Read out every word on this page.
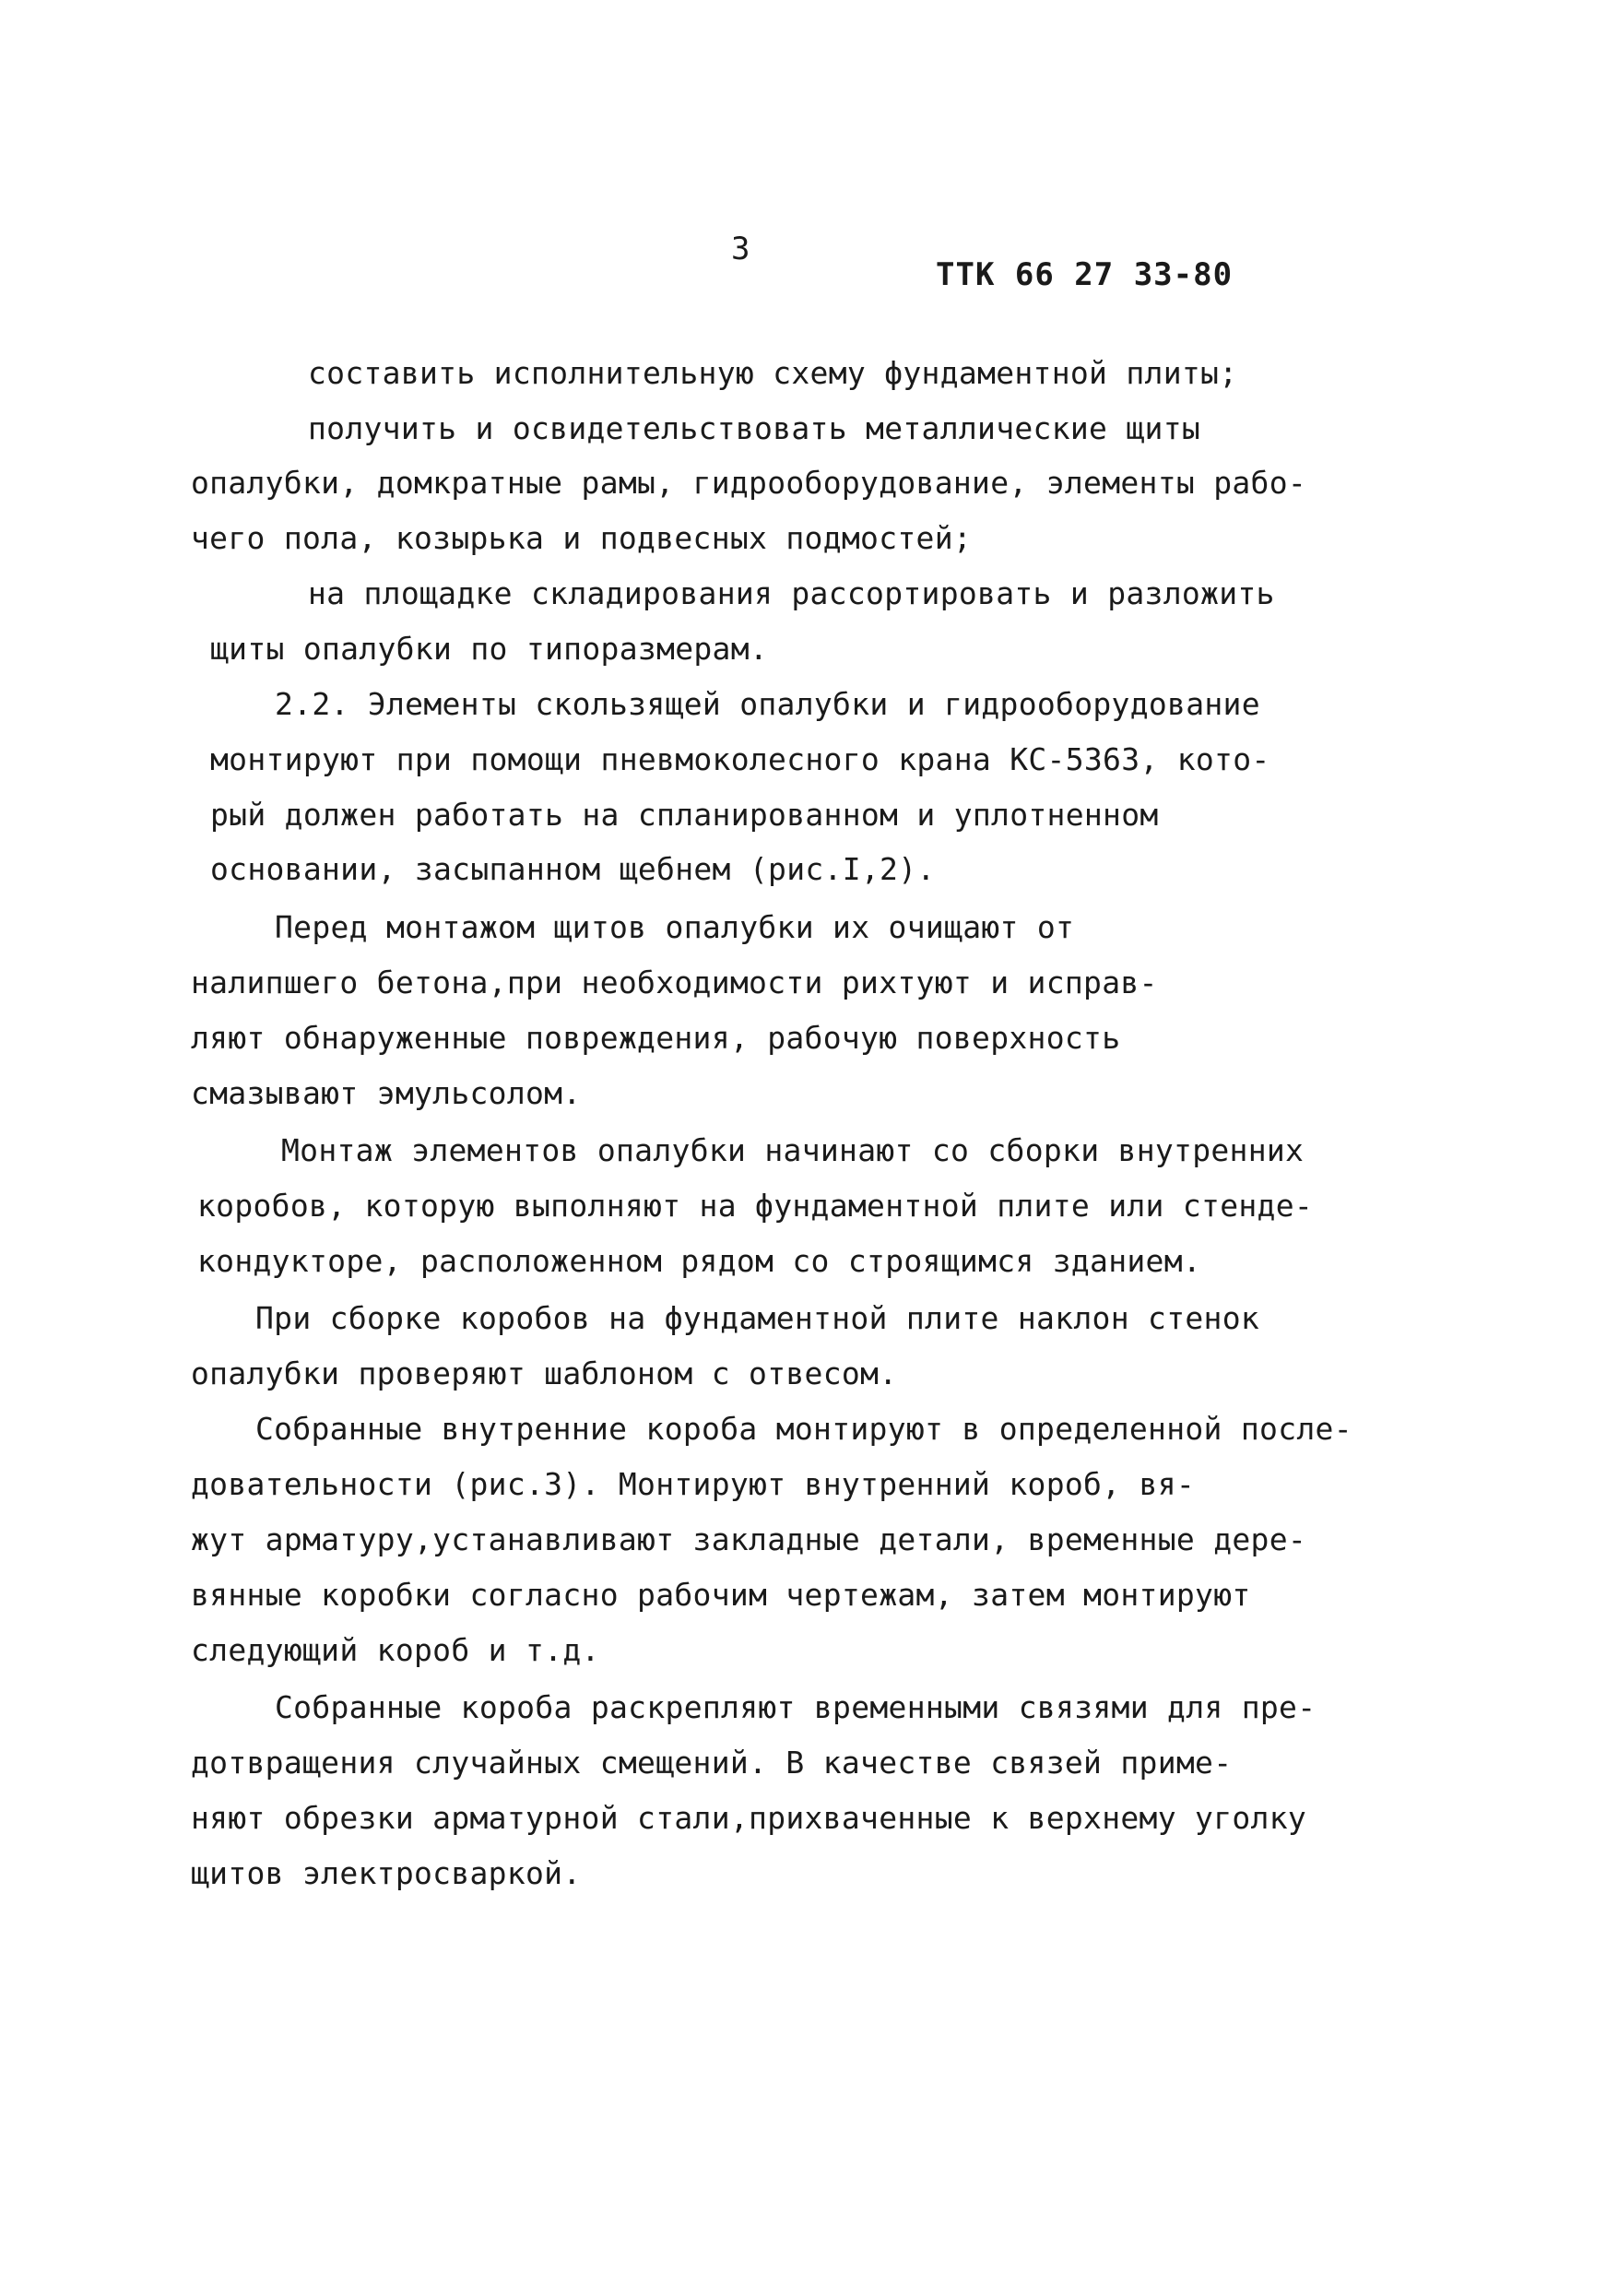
3
ТТК 66 27 33-80
составить исполнительную схему фундаментной плиты;
получить и освидетельствовать металлические щиты
опалубки, домкратные рамы, гидрооборудование, элементы рабо-
чего пола, козырька и подвесных подмостей;
на площадке складирования рассортировать и разложить
щиты опалубки по типоразмерам.
2.2. Элементы скользящей опалубки и гидрооборудование
монтируют при помощи пневмоколесного крана КС-5363, кото-
рый должен работать на спланированном и уплотненном
основании, засыпанном щебнем (рис.I,2).
Перед монтажом щитов опалубки их очищают от
налипшего бетона,при необходимости рихтуют и исправ-
ляют обнаруженные повреждения, рабочую поверхность
смазывают эмульсолом.
Монтаж элементов опалубки начинают со сборки внутренних
коробов, которую выполняют на фундаментной плите или стенде-
кондукторе, расположенном рядом со строящимся зданием.
При сборке коробов на фундаментной плите наклон стенок
опалубки проверяют шаблоном с отвесом.
Собранные внутренние короба монтируют в определенной после-
довательности (рис.3). Монтируют внутренний короб, вя-
жут арматуру,устанавливают закладные детали, временные дере-
вянные коробки согласно рабочим чертежам, затем монтируют
следующий короб и т.д.
Собранные короба раскрепляют временными связями для пре-
дотвращения случайных смещений. В качестве связей приме-
няют обрезки арматурной стали,прихваченные к верхнему уголку
щитов электросваркой.
